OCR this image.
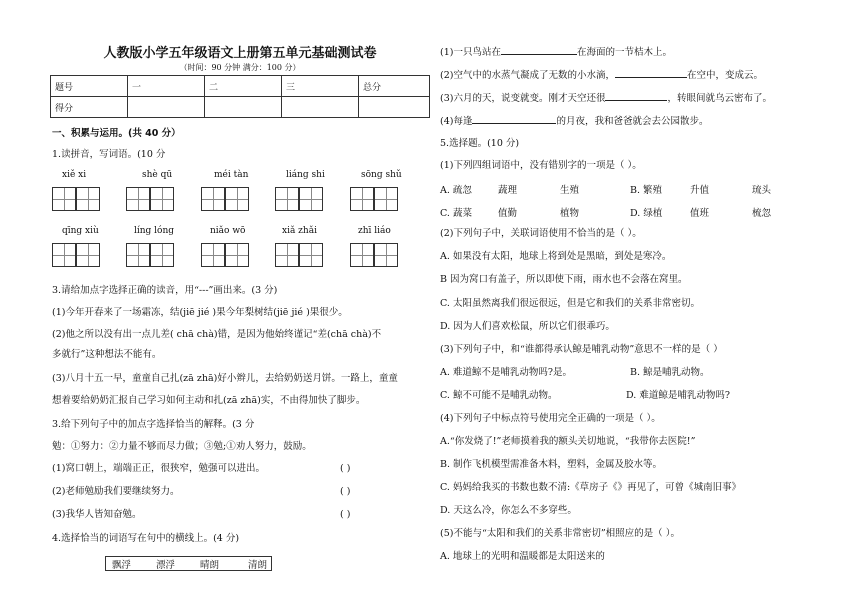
人教版小学五年级语文上册第五单元基础测试卷
（时间：90 分钟 满分：100 分）
题号	一	二	三	总分
得分				
一、积累与运用。(共 40 分）
1.读拼音，写词语。(10 分
xiě xi	shè qū	méi tàn	liáng shi	sōng shǔ
qīng xiù	líng lóng	niǎo wō	xiǎ zhǎi	zhī liáo
3.请给加点字选择正确的读音，用“---”画出来。(3 分)
(1)今年开春来了一场霜冻，结(jiē jié )果今年梨树结(jiē jié )果很少。
(2)他之所以没有出一点儿差( chā chà)错，是因为他始终谨记“差(chā chà)不
多就行”这种想法不能有。
(3)八月十五一早，童童自己扎(zā zhā)好小辫儿，去给奶奶送月饼。一路上，童童
想着要给奶奶汇报自己学习如何主动和扎(zā zhā)实，不由得加快了脚步。
3.给下列句子中的加点字选择恰当的解释。(3 分
勉：①努力：②力量不够而尽力做；③勉;①劝人努力，鼓励。
(1)窝口朝上，端端正正，很狭窄，勉强可以进出。	( )
(2)老师勉励我们要继续努力。	( )
(3)我华人皆知奋勉。	( )
4.选择恰当的词语写在句中的横线上。(4 分)
飘浮	漂浮	晴朗	清朗
(1)一只鸟站在	在海面的一节桔木上。
(2)空气中的水蒸气凝成了无数的小水滴，	在空中，变成云。
(3)六月的天，说变就变。刚才天空还很	，转眼间就乌云密布了。
(4)每逢	的月夜，我和爸爸就会去公园散步。
5.选择题。(10 分)
(1)下列四组词语中，没有错别字的一项是（ ）。
A. 疏忽	蔬理	生殖	B. 繁殖	升值	琉头
C. 蔬菜	值勤	植物	D. 绿植	值班	梳忽
(2)下列句子中，关联词语使用不恰当的是（ ）。
A. 如果没有太阳，地球上将到处是黑暗，到处是寒冷。
B 因为窝口有盖子，所以即使下雨，雨水也不会落在窝里。
C. 太阳虽然离我们很远很远，但是它和我们的关系非常密切。
D. 因为人们喜欢松鼠，所以它们很乖巧。
(3)下列句子中，和“谁都得承认鲸是哺乳动物”意思不一样的是（ ）
A. 难道鲸不是哺乳动物吗?是。	B. 鲸是哺乳动物。
C. 鲸不可能不是哺乳动物。	D. 难道鲸是哺乳动物吗?
(4)下列句子中标点符号使用完全正确的一项是（ ）。
A.“你发烧了!”老师摸着我的额头关切地说，“我带你去医院!”
B. 制作飞机模型需准备木料，塑料，金属及胶水等。
C. 妈妈给我买的书数也数不清:《草房子《》再见了，可曾《城南旧事》
D. 天这么冷，你怎么不多穿些。
(5)不能与“太阳和我们的关系非常密切”相照应的是（ ）。
A. 地球上的光明和温暖都是太阳送来的
